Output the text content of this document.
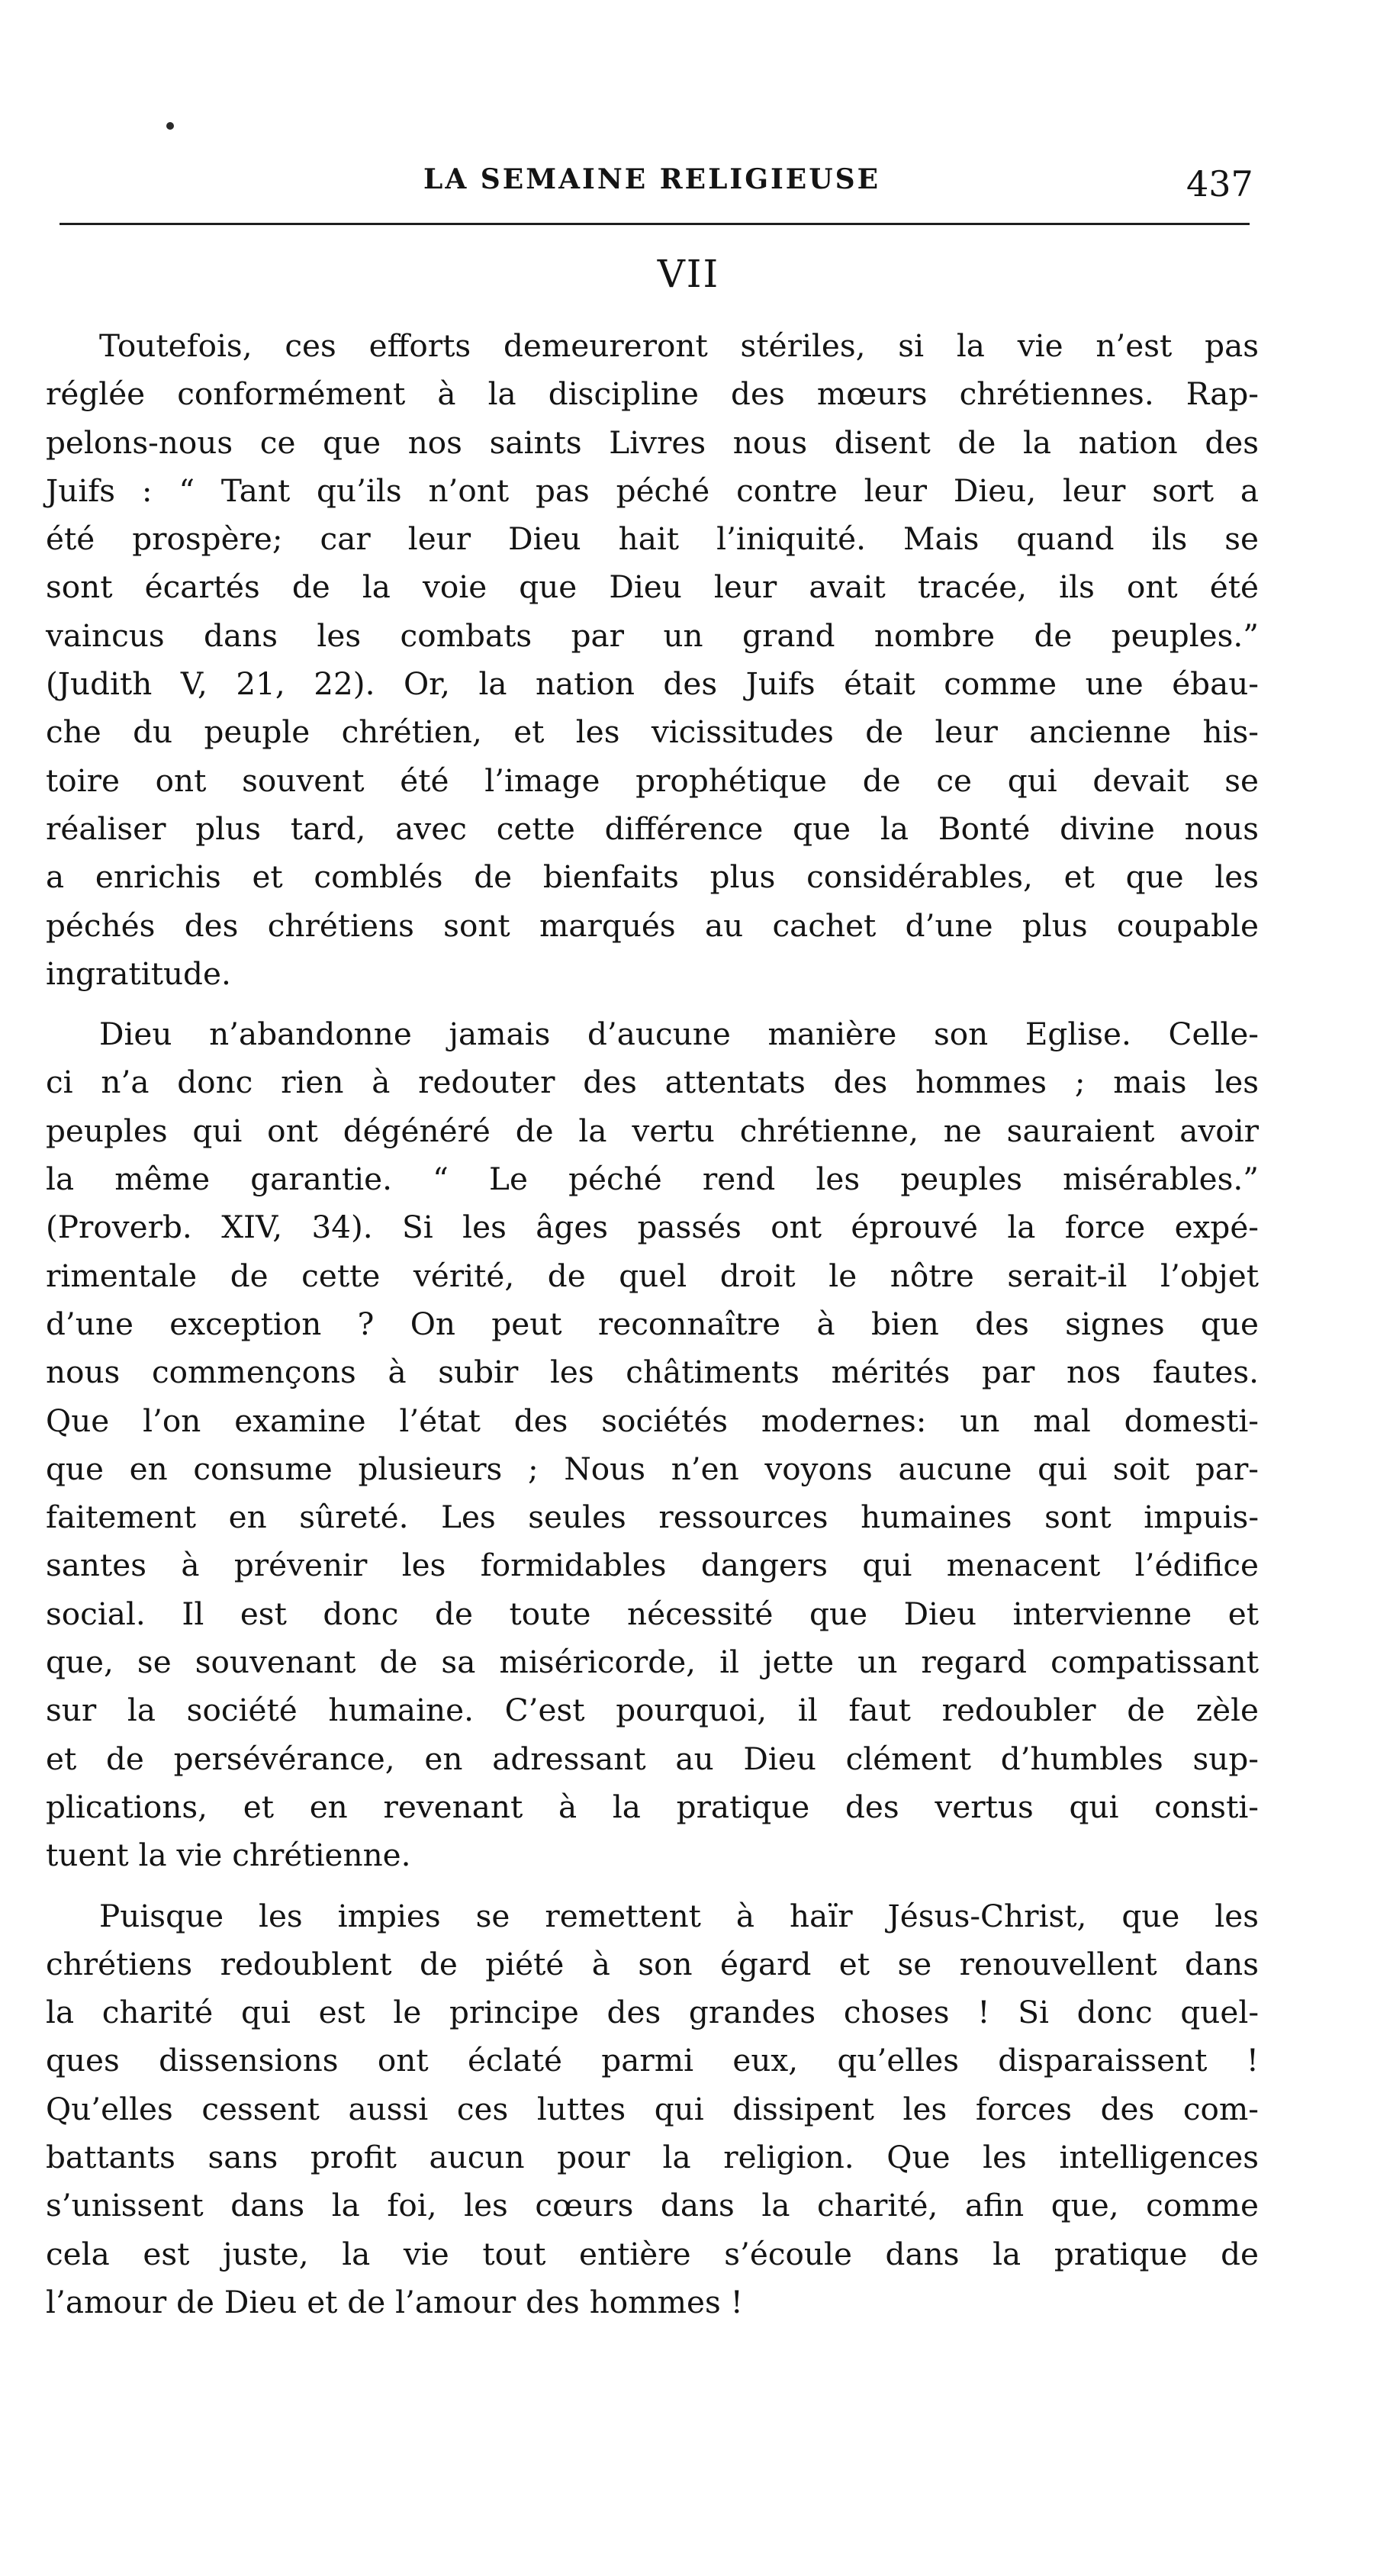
LA SEMAINE RELIGIEUSE	437
VII
Toutefois, ces efforts demeureront stériles, si la vie n’est pas
réglée conformément à la discipline des mœurs chrétiennes. Rap-
pelons-nous ce que nos saints Livres nous disent de la nation des
Juifs : “ Tant qu’ils n’ont pas péché contre leur Dieu, leur sort a
été prospère; car leur Dieu hait l’iniquité. Mais quand ils se
sont écartés de la voie que Dieu leur avait tracée, ils ont été
vaincus dans les combats par un grand nombre de peuples.”
(Judith V, 21, 22). Or, la nation des Juifs était comme une ébau-
che du peuple chrétien, et les vicissitudes de leur ancienne his-
toire ont souvent été l’image prophétique de ce qui devait se
réaliser plus tard, avec cette différence que la Bonté divine nous
a enrichis et comblés de bienfaits plus considérables, et que les
péchés des chrétiens sont marqués au cachet d’une plus coupable
ingratitude.
Dieu n’abandonne jamais d’aucune manière son Eglise. Celle-
ci n’a donc rien à redouter des attentats des hommes ; mais les
peuples qui ont dégénéré de la vertu chrétienne, ne sauraient avoir
la même garantie. “ Le péché rend les peuples misérables.”
(Proverb. XIV, 34). Si les âges passés ont éprouvé la force expé-
rimentale de cette vérité, de quel droit le nôtre serait-il l’objet
d’une exception ? On peut reconnaître à bien des signes que
nous commençons à subir les châtiments mérités par nos fautes.
Que l’on examine l’état des sociétés modernes: un mal domesti-
que en consume plusieurs ; Nous n’en voyons aucune qui soit par-
faitement en sûreté. Les seules ressources humaines sont impuis-
santes à prévenir les formidables dangers qui menacent l’édifice
social. Il est donc de toute nécessité que Dieu intervienne et
que, se souvenant de sa miséricorde, il jette un regard compatissant
sur la société humaine. C’est pourquoi, il faut redoubler de zèle
et de persévérance, en adressant au Dieu clément d’humbles sup-
plications, et en revenant à la pratique des vertus qui consti-
tuent la vie chrétienne.
Puisque les impies se remettent à haïr Jésus-Christ, que les
chrétiens redoublent de piété à son égard et se renouvellent dans
la charité qui est le principe des grandes choses ! Si donc quel-
ques dissensions ont éclaté parmi eux, qu’elles disparaissent !
Qu’elles cessent aussi ces luttes qui dissipent les forces des com-
battants sans profit aucun pour la religion. Que les intelligences
s’unissent dans la foi, les cœurs dans la charité, afin que, comme
cela est juste, la vie tout entière s’écoule dans la pratique de
l’amour de Dieu et de l’amour des hommes !
